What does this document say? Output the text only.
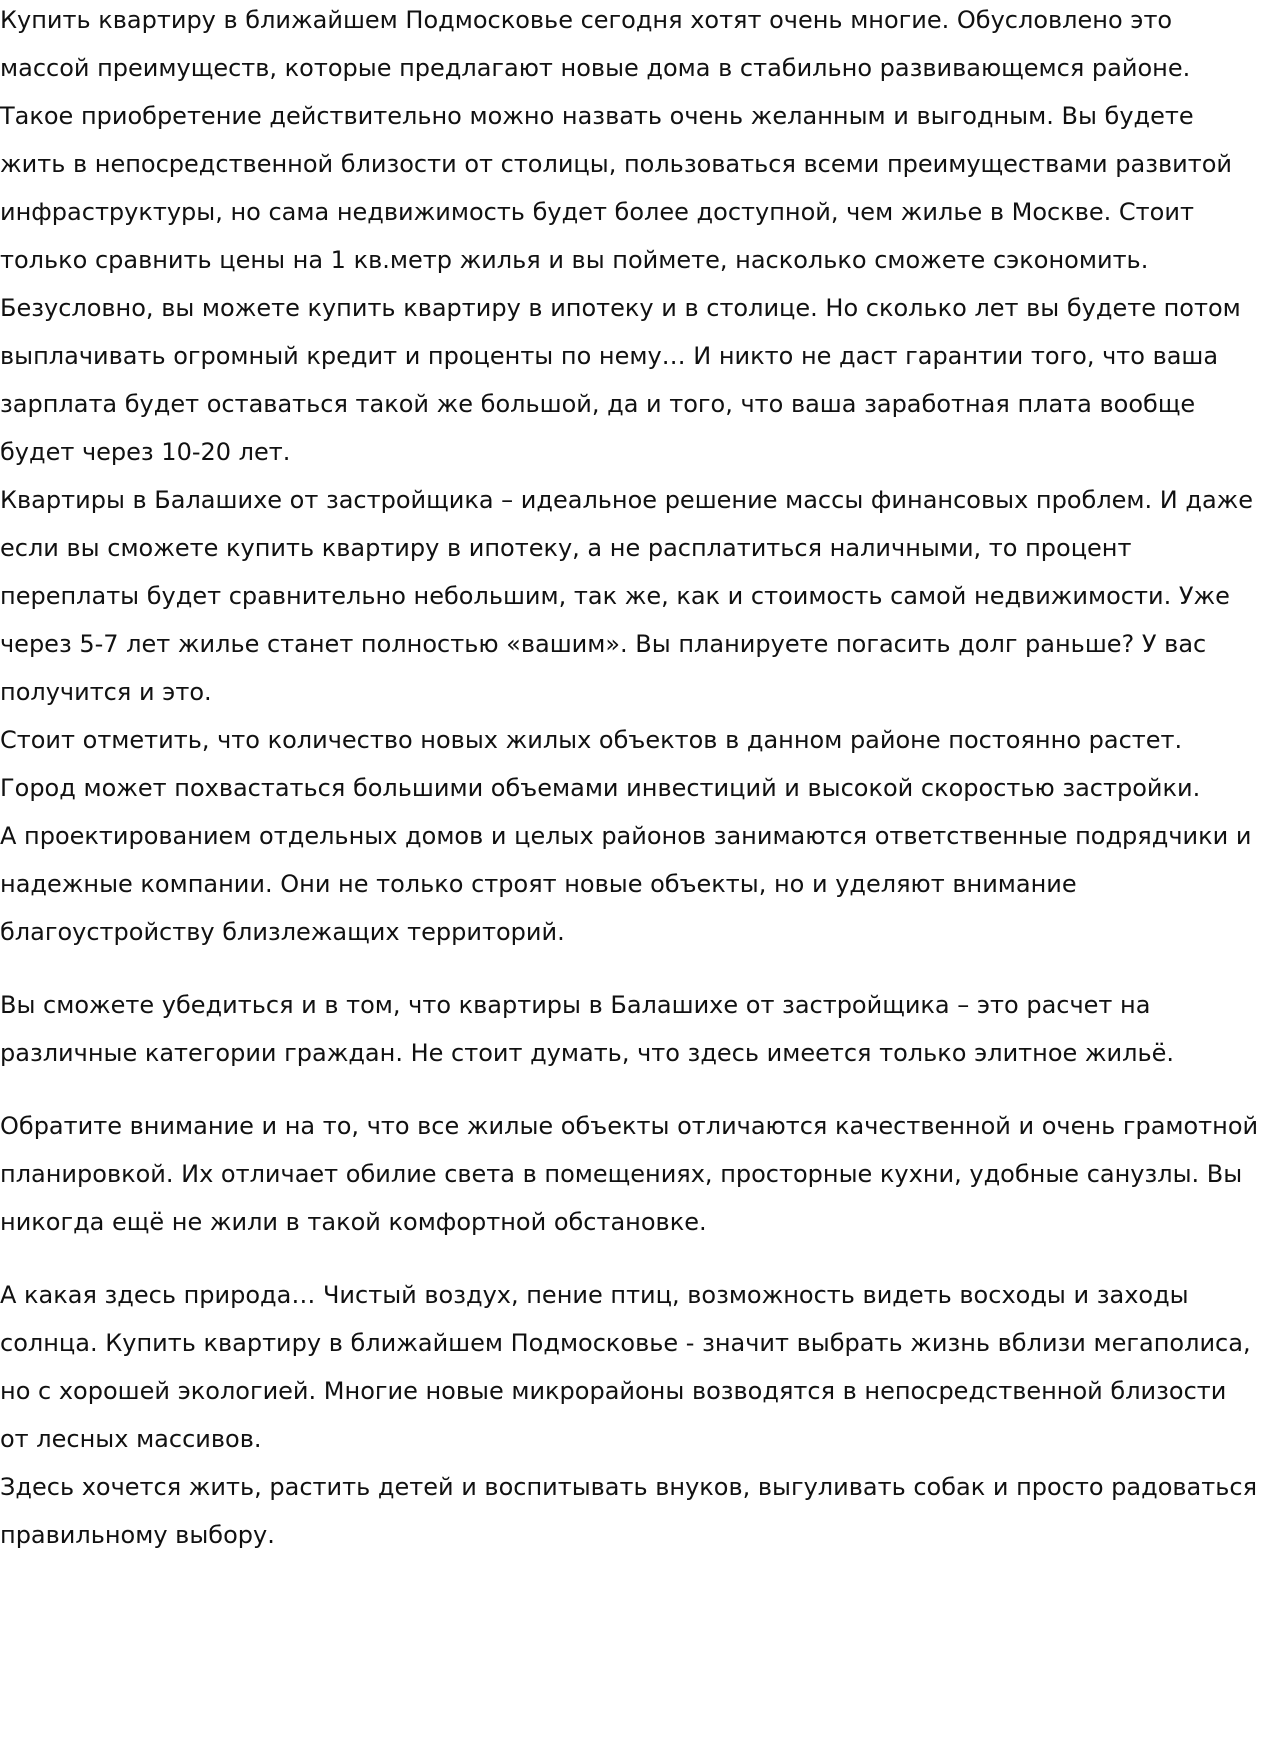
Купить квартиру в ближайшем Подмосковье сегодня хотят очень многие. Обусловлено это массой преимуществ, которые предлагают новые дома в стабильно развивающемся районе.

Такое приобретение действительно можно назвать очень желанным и выгодным. Вы будете жить в непосредственной близости от столицы, пользоваться всеми преимуществами развитой инфраструктуры, но сама недвижимость будет более доступной, чем жилье в Москве. Стоит только сравнить цены на 1 кв.метр жилья и вы поймете, насколько сможете сэкономить.

Безусловно, вы можете купить квартиру в ипотеку и в столице. Но сколько лет вы будете потом выплачивать огромный кредит и проценты по нему… И никто не даст гарантии того, что ваша зарплата будет оставаться такой же большой, да и того, что ваша заработная плата вообще будет через 10-20 лет.

Квартиры в Балашихе от застройщика – идеальное решение массы финансовых проблем. И даже если вы сможете купить квартиру в ипотеку, а не расплатиться наличными, то процент переплаты будет сравнительно небольшим, так же, как и стоимость самой недвижимости. Уже через 5-7 лет жилье станет полностью «вашим». Вы планируете погасить долг раньше? У вас получится и это.

Стоит отметить, что количество новых жилых объектов в данном районе постоянно растет. Город может похвастаться большими объемами инвестиций и высокой скоростью застройки.

А проектированием отдельных домов и целых районов занимаются ответственные подрядчики и надежные компании. Они не только строят новые объекты, но и уделяют внимание благоустройству близлежащих территорий.

Вы сможете убедиться и в том, что квартиры в Балашихе от застройщика – это расчет на различные категории граждан. Не стоит думать, что здесь имеется только элитное жильё.

Обратите внимание и на то, что все жилые объекты отличаются качественной и очень грамотной планировкой. Их отличает обилие света в помещениях, просторные кухни, удобные санузлы. Вы никогда ещё не жили в такой комфортной обстановке.

А какая здесь природа… Чистый воздух, пение птиц, возможность видеть восходы и заходы солнца. Купить квартиру в ближайшем Подмосковье - значит выбрать жизнь вблизи мегаполиса, но с хорошей экологией. Многие новые микрорайоны возводятся в непосредственной близости от лесных массивов.

Здесь хочется жить, растить детей и воспитывать внуков, выгуливать собак и просто радоваться правильному выбору.
